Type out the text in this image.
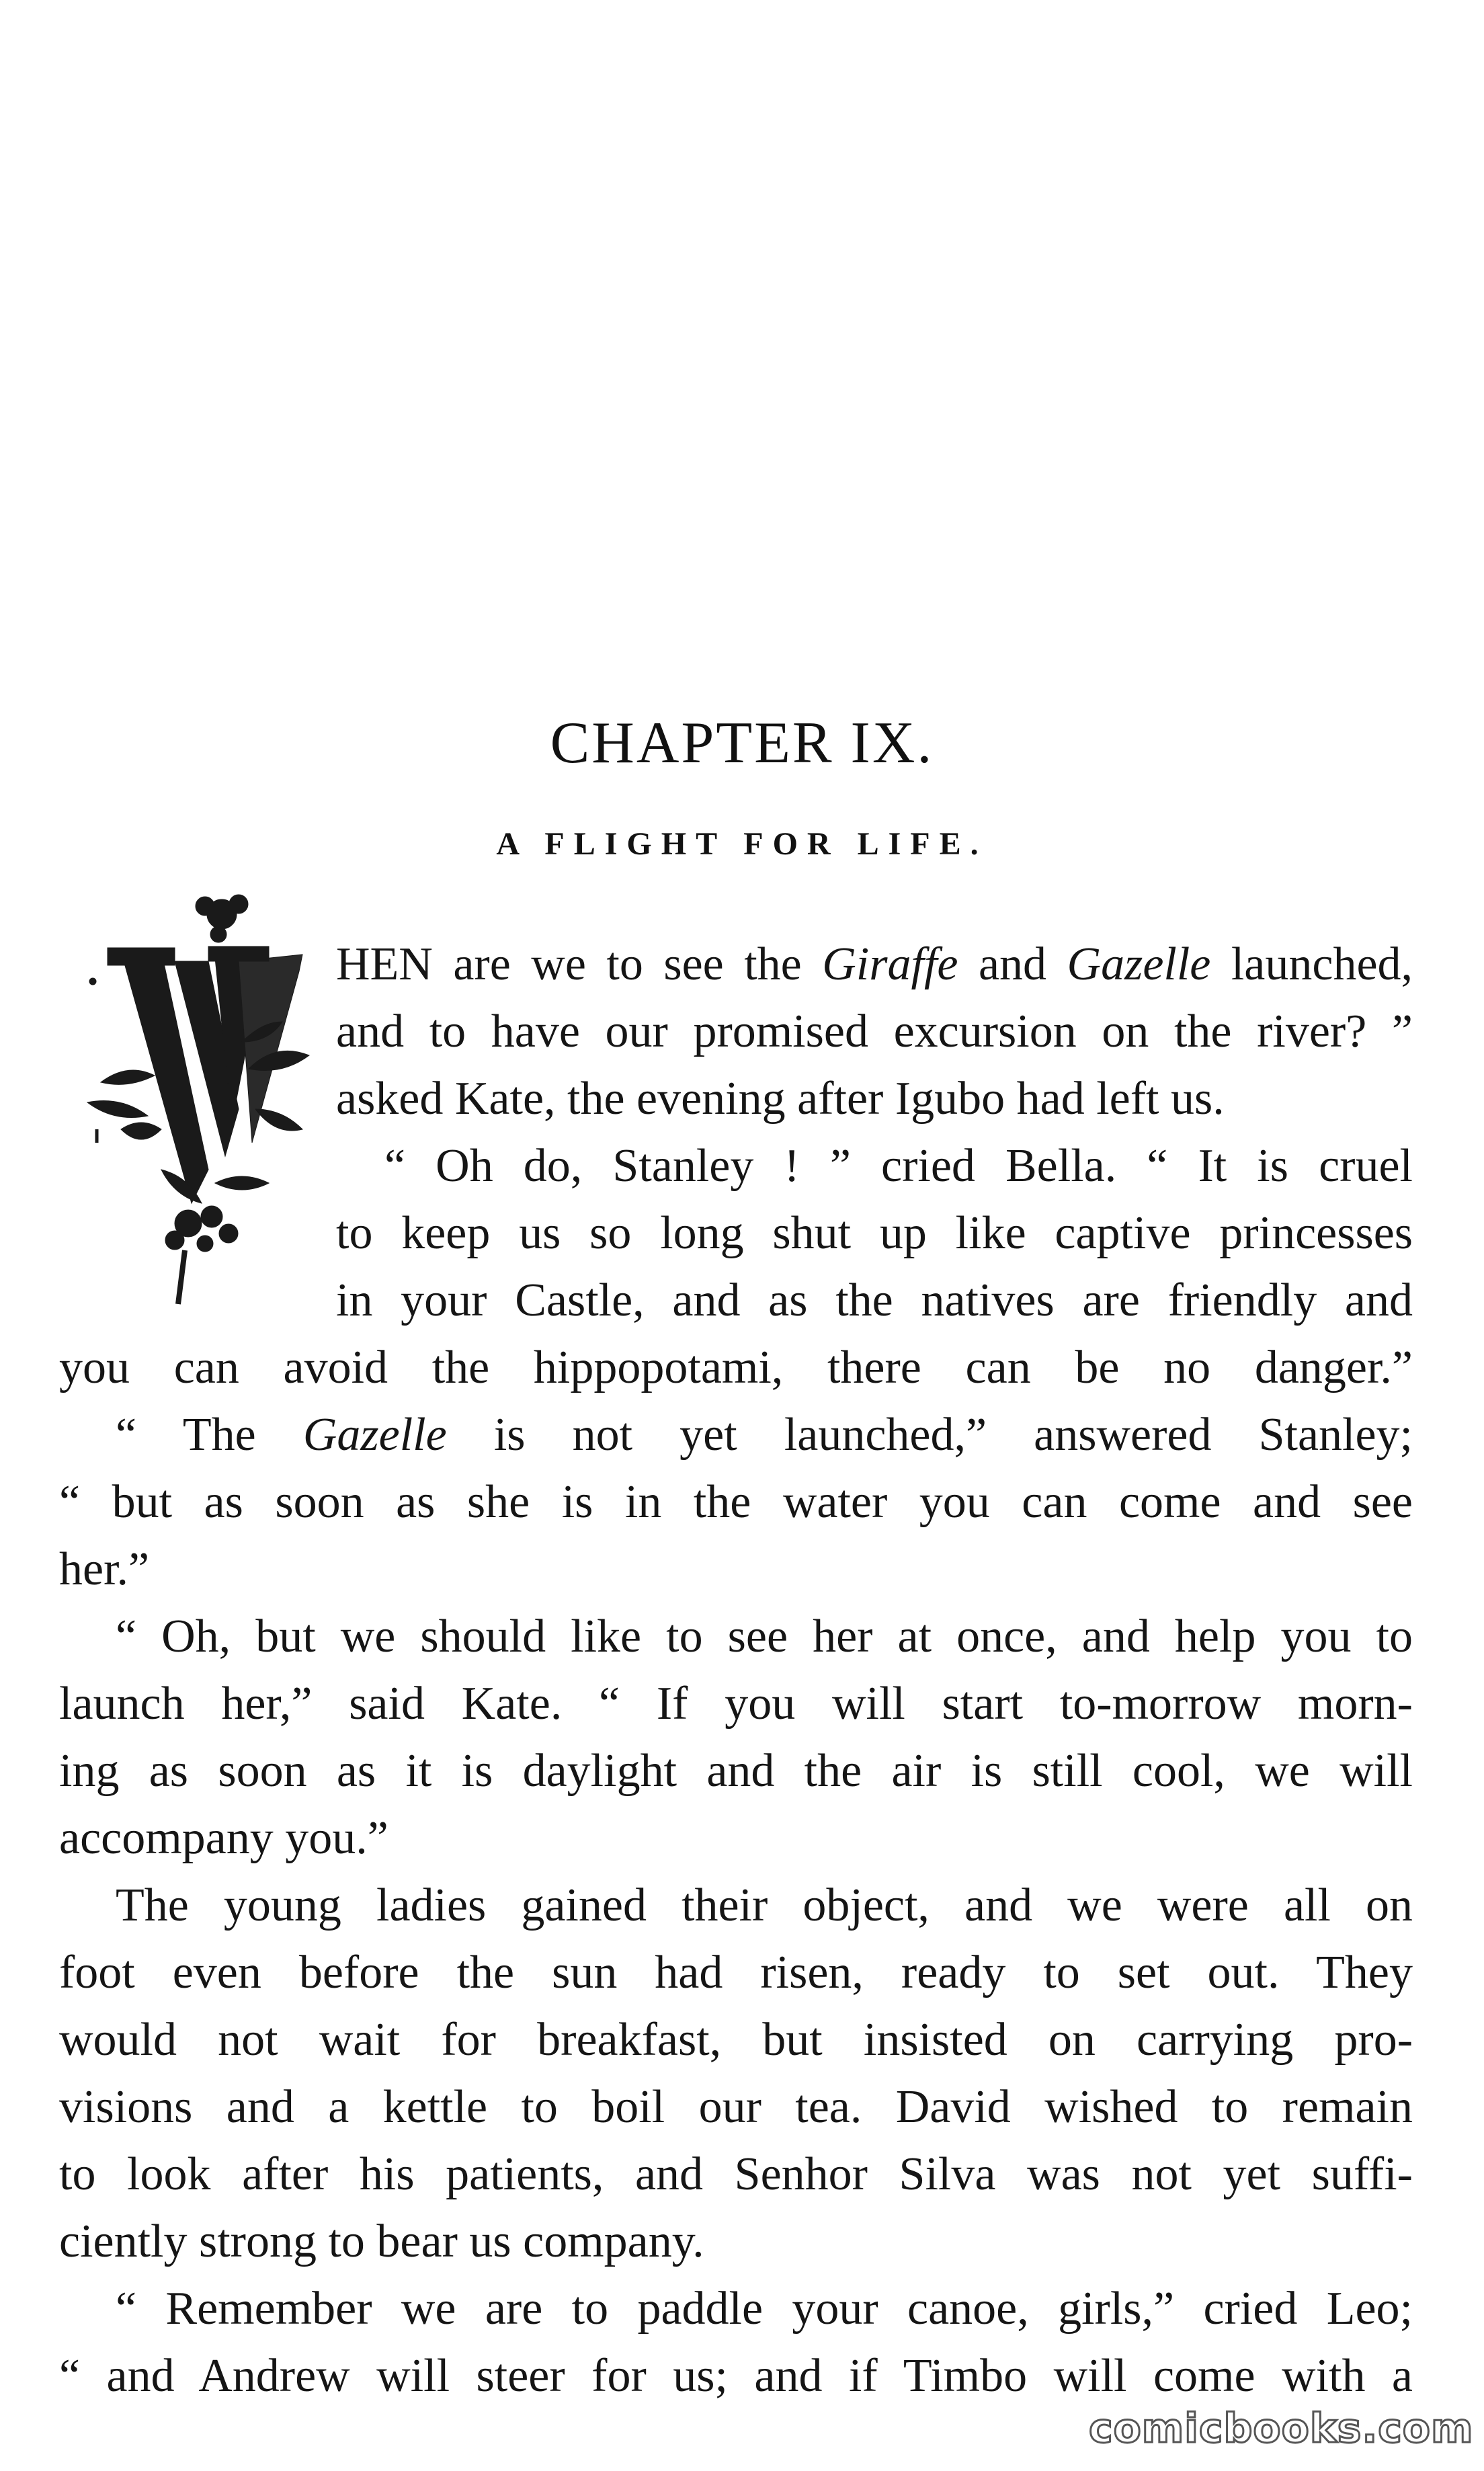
CHAPTER IX.
A FLIGHT FOR LIFE.
HEN are we to see the Giraffe and Gazelle launched,
and to have our promised excursion on the river? ”
asked Kate, the evening after Igubo had left us.
“ Oh do, Stanley ! ” cried Bella. “ It is cruel
to keep us so long shut up like captive princesses
in your Castle, and as the natives are friendly and
you can avoid the hippopotami, there can be no danger.”
“ The Gazelle is not yet launched,” answered Stanley;
“ but as soon as she is in the water you can come and see
her.”
“ Oh, but we should like to see her at once, and help you to
launch her,” said Kate. “ If you will start to-morrow morn-
ing as soon as it is daylight and the air is still cool, we will
accompany you.”
The young ladies gained their object, and we were all on
foot even before the sun had risen, ready to set out. They
would not wait for breakfast, but insisted on carrying pro-
visions and a kettle to boil our tea. David wished to remain
to look after his patients, and Senhor Silva was not yet suffi-
ciently strong to bear us company.
“ Remember we are to paddle your canoe, girls,” cried Leo;
“ and Andrew will steer for us; and if Timbo will come with a
comicbooks.com
